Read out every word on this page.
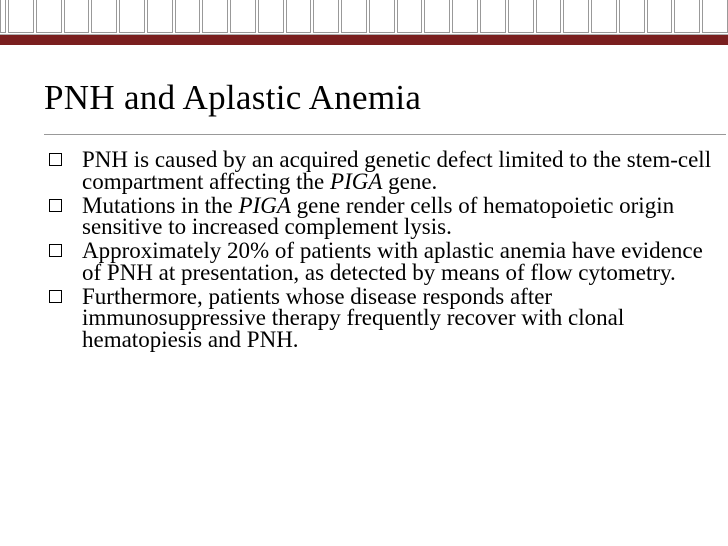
PNH and Aplastic Anemia
PNH is caused by an acquired genetic defect limited to the stem-cell compartment affecting the PIGA gene.
Mutations in the PIGA gene render cells of hematopoietic origin sensitive to increased complement lysis.
Approximately 20% of patients with aplastic anemia have evidence of PNH at presentation, as detected by means of flow cytometry.
Furthermore, patients whose disease responds after immunosuppressive therapy frequently recover with clonal hematopiesis and PNH.
